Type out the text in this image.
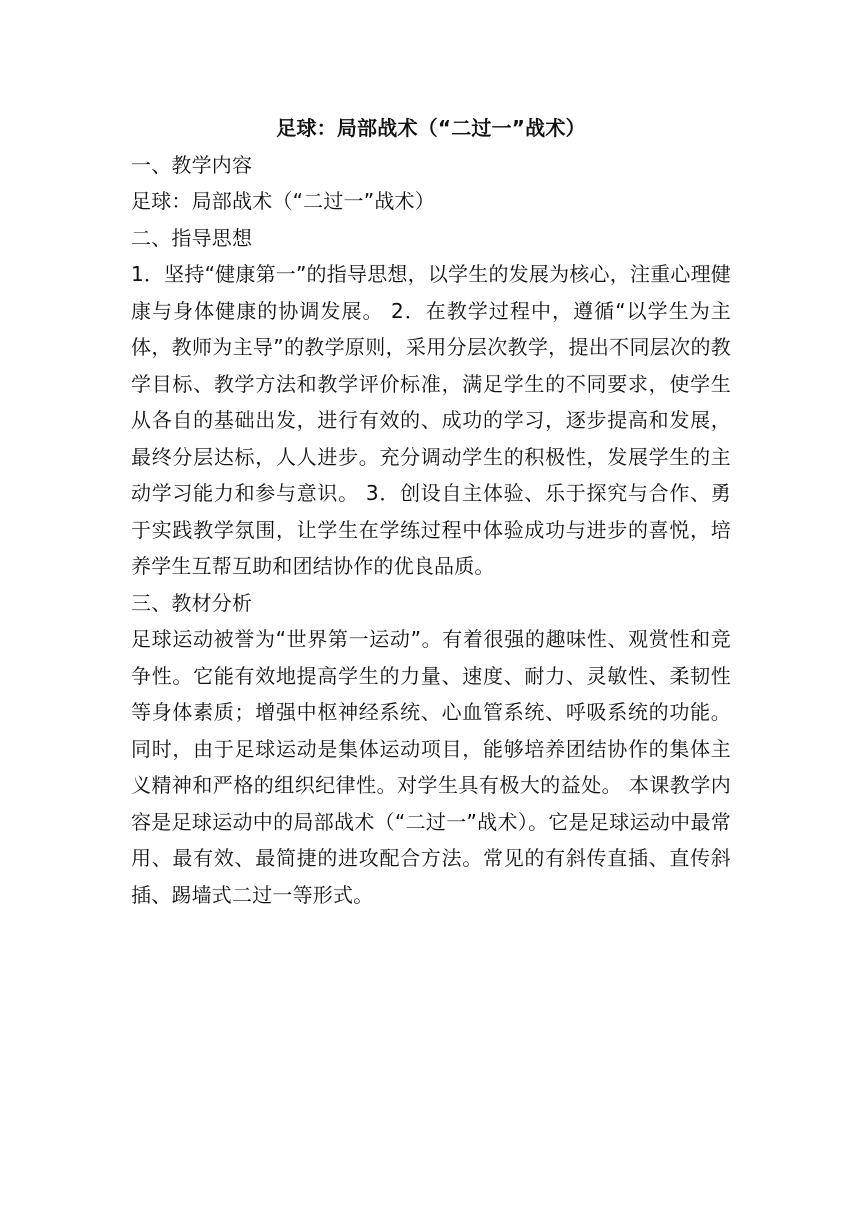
足球：局部战术（“二过一”战术）

一、教学内容

足球：局部战术（“二过一”战术）

二、指导思想

1．坚持“健康第一”的指导思想，以学生的发展为核心，注重心理健康与身体健康的协调发展。 2．在教学过程中，遵循“以学生为主体，教师为主导”的教学原则，采用分层次教学，提出不同层次的教学目标、教学方法和教学评价标准，满足学生的不同要求，使学生从各自的基础出发，进行有效的、成功的学习，逐步提高和发展，最终分层达标，人人进步。充分调动学生的积极性，发展学生的主动学习能力和参与意识。 3．创设自主体验、乐于探究与合作、勇于实践教学氛围，让学生在学练过程中体验成功与进步的喜悦，培养学生互帮互助和团结协作的优良品质。

三、教材分析

足球运动被誉为“世界第一运动”。有着很强的趣味性、观赏性和竞争性。它能有效地提高学生的力量、速度、耐力、灵敏性、柔韧性等身体素质；增强中枢神经系统、心血管系统、呼吸系统的功能。同时，由于足球运动是集体运动项目，能够培养团结协作的集体主义精神和严格的组织纪律性。对学生具有极大的益处。 本课教学内容是足球运动中的局部战术（“二过一”战术）。它是足球运动中最常用、最有效、最简捷的进攻配合方法。常见的有斜传直插、直传斜插、踢墙式二过一等形式。
